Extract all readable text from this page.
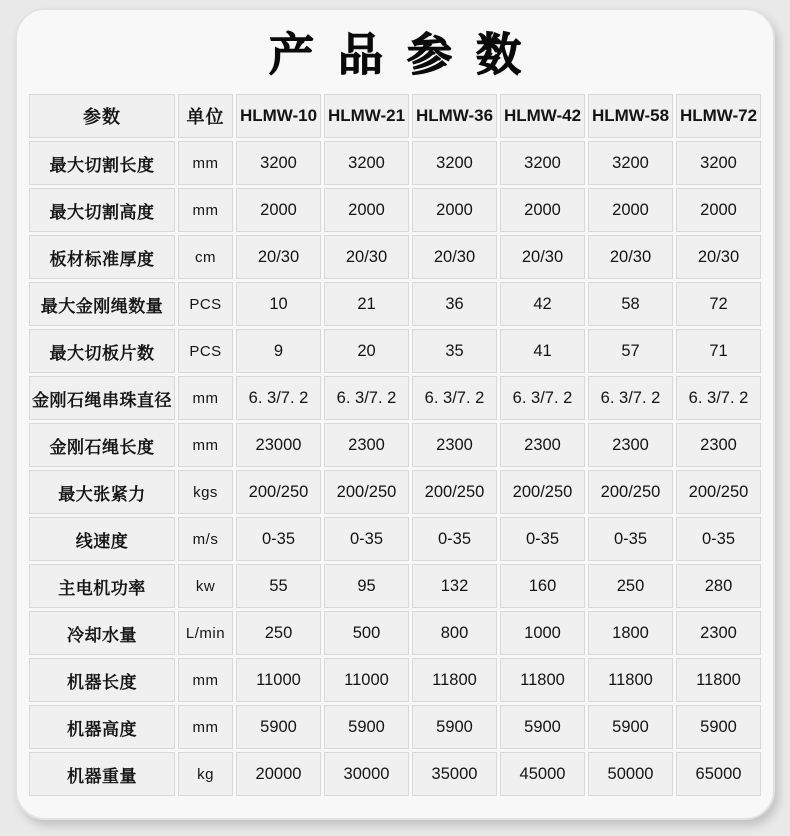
产品参数
参数	单位	HLMW-10	HLMW-21	HLMW-36	HLMW-42	HLMW-58	HLMW-72
最大切割长度	mm	3200	3200	3200	3200	3200	3200
最大切割高度	mm	2000	2000	2000	2000	2000	2000
板材标准厚度	cm	20/30	20/30	20/30	20/30	20/30	20/30
最大金刚绳数量	PCS	10	21	36	42	58	72
最大切板片数	PCS	9	20	35	41	57	71
金刚石绳串珠直径	mm	6. 3/7. 2	6. 3/7. 2	6. 3/7. 2	6. 3/7. 2	6. 3/7. 2	6. 3/7. 2
金刚石绳长度	mm	23000	2300	2300	2300	2300	2300
最大张紧力	kgs	200/250	200/250	200/250	200/250	200/250	200/250
线速度	m/s	0-35	0-35	0-35	0-35	0-35	0-35
主电机功率	kw	55	95	132	160	250	280
冷却水量	L/min	250	500	800	1000	1800	2300
机器长度	mm	11000	11000	11800	11800	11800	11800
机器高度	mm	5900	5900	5900	5900	5900	5900
机器重量	kg	20000	30000	35000	45000	50000	65000
